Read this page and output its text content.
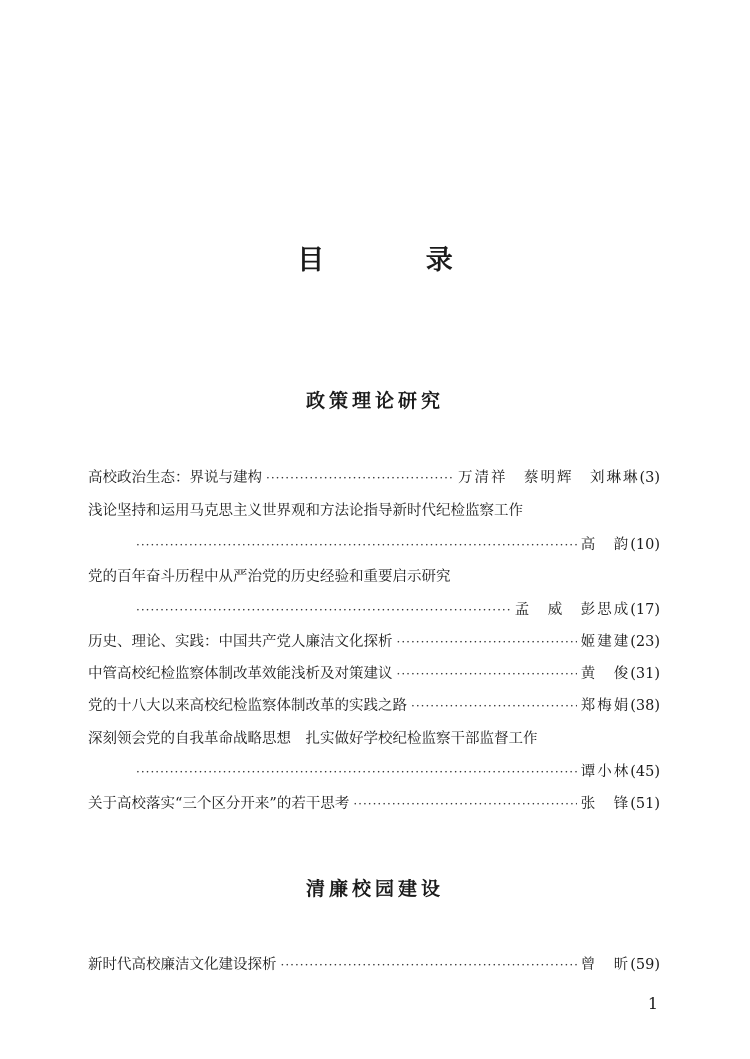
目 录
政策理论研究
高校政治生态：界说与建构 ·····	万清祥　蔡明辉　刘琳琳 (3)
浅论坚持和运用马克思主义世界观和方法论指导新时代纪检监察工作
·····
高　韵 (10)
党的百年奋斗历程中从严治党的历史经验和重要启示研究
·····
孟　威　彭思成 (17)
历史、理论、实践：中国共产党人廉洁文化探析 ·····	姬建建 (23)
中管高校纪检监察体制改革效能浅析及对策建议 ·····	黄　俊 (31)
党的十八大以来高校纪检监察体制改革的实践之路 ·····	郑梅娟 (38)
深刻领会党的自我革命战略思想　扎实做好学校纪检监察干部监督工作
·····
谭小林 (45)
关于高校落实“三个区分开来”的若干思考 ·····	张　锋 (51)
清廉校园建设
新时代高校廉洁文化建设探析 ·····	曾　昕 (59)
1
